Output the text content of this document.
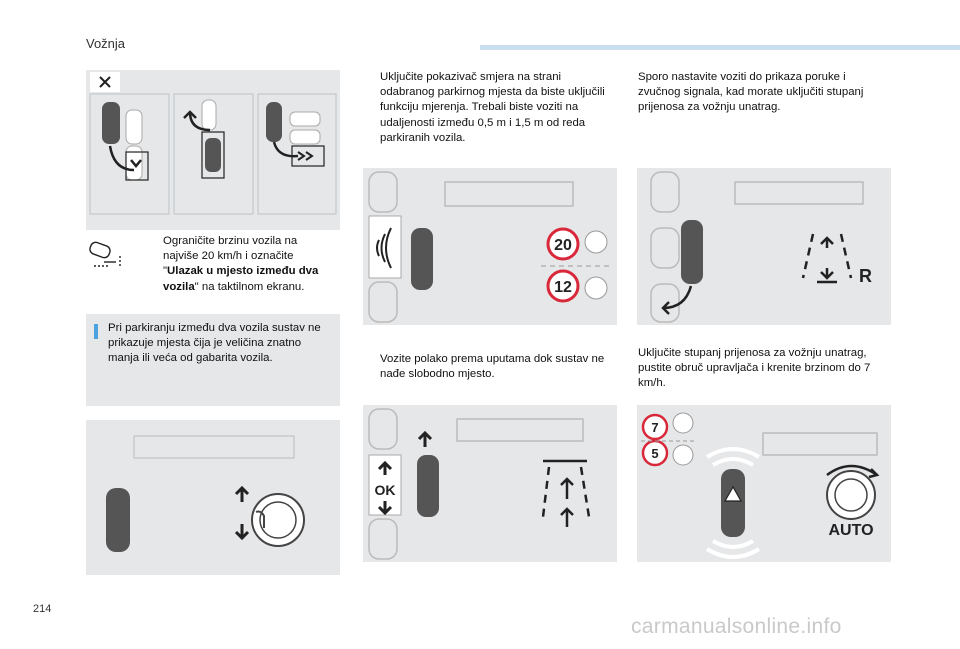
Vožnja
Ograničite brzinu vozila na najviše 20 km/h i označite "Ulazak u mjesto između dva vozila" na taktilnom ekranu.
Pri parkiranju između dva vozila sustav ne prikazuje mjesta čija je veličina znatno manja ili veća od gabarita vozila.
Uključite pokazivač smjera na strani odabranog parkirnog mjesta da biste uključili funkciju mjerenja. Trebali biste voziti na udaljenosti između 0,5 m i 1,5 m od reda parkiranih vozila.
20
12
Vozite polako prema uputama dok sustav ne nađe slobodno mjesto.
OK
Sporo nastavite voziti do prikaza poruke i zvučnog signala, kad morate uključiti stupanj prijenosa za vožnju unatrag.
R
Uključite stupanj prijenosa za vožnju unatrag, pustite obruč upravljača i krenite brzinom do 7 km/h.
7
5
AUTO
214
carmanualsonline.info
